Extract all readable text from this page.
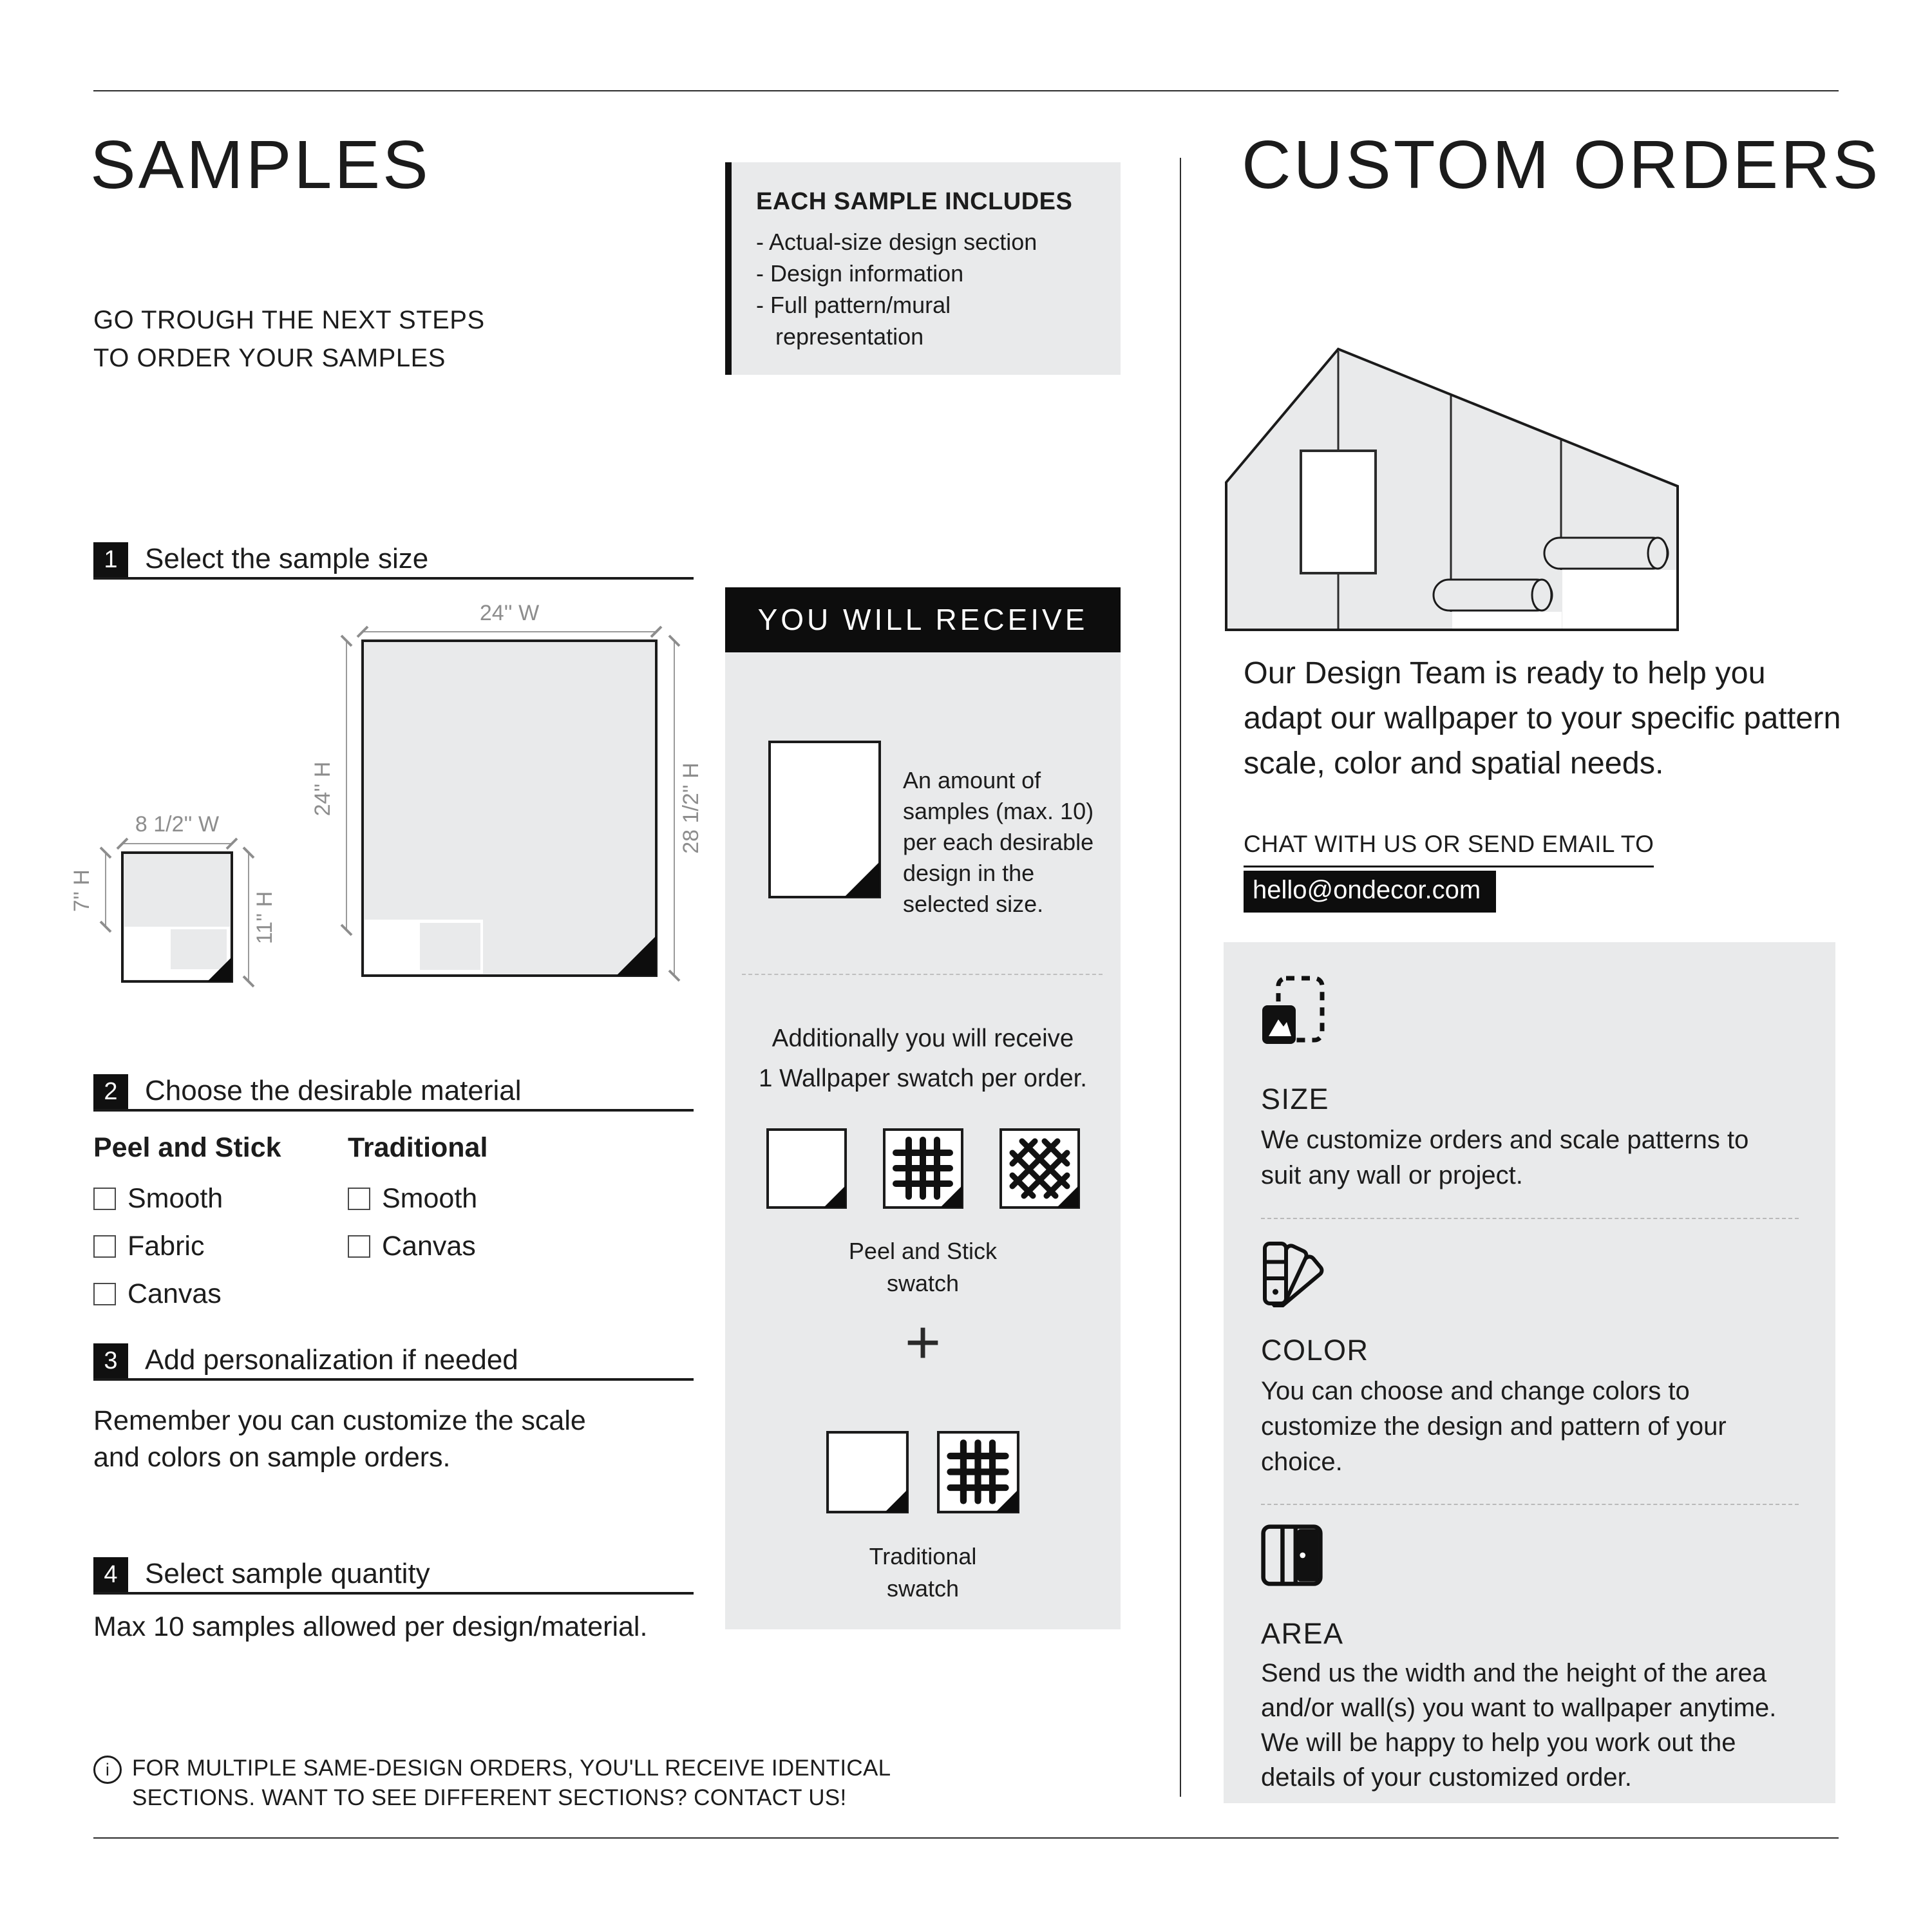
SAMPLES
GO TROUGH THE NEXT STEPS
TO ORDER YOUR SAMPLES
EACH SAMPLE INCLUDES
- Actual-size design section
- Design information
- Full pattern/mural representation
1 Select the sample size
2 Choose the desirable material
3 Add personalization if needed
4 Select sample quantity
24'' W
24'' H	28 1/2'' H
8 1/2'' W
7'' H
11'' H
Peel and Stick
Smooth
Fabric
Canvas
Traditional
Smooth
Canvas
Remember you can customize the scale
and colors on sample orders.
Max 10 samples allowed per design/material.
i FOR MULTIPLE SAME-DESIGN ORDERS, YOU'LL RECEIVE IDENTICAL
SECTIONS. WANT TO SEE DIFFERENT SECTIONS? CONTACT US!
YOU WILL RECEIVE
An amount of samples (max. 10) per each desirable design in the selected size.
Additionally you will receive
1 Wallpaper swatch per order.
Peel and Stick
swatch
+
Traditional
swatch
CUSTOM ORDERS
Our Design Team is ready to help you adapt our wallpaper to your specific pattern scale, color and spatial needs.
CHAT WITH US OR SEND EMAIL TO
hello@ondecor.com
SIZE
We customize orders and scale patterns to suit any wall or project.
COLOR
You can choose and change colors to customize the design and pattern of your choice.
AREA
Send us the width and the height of the area and/or wall(s) you want to wallpaper anytime. We will be happy to help you work out the details of your customized order.
